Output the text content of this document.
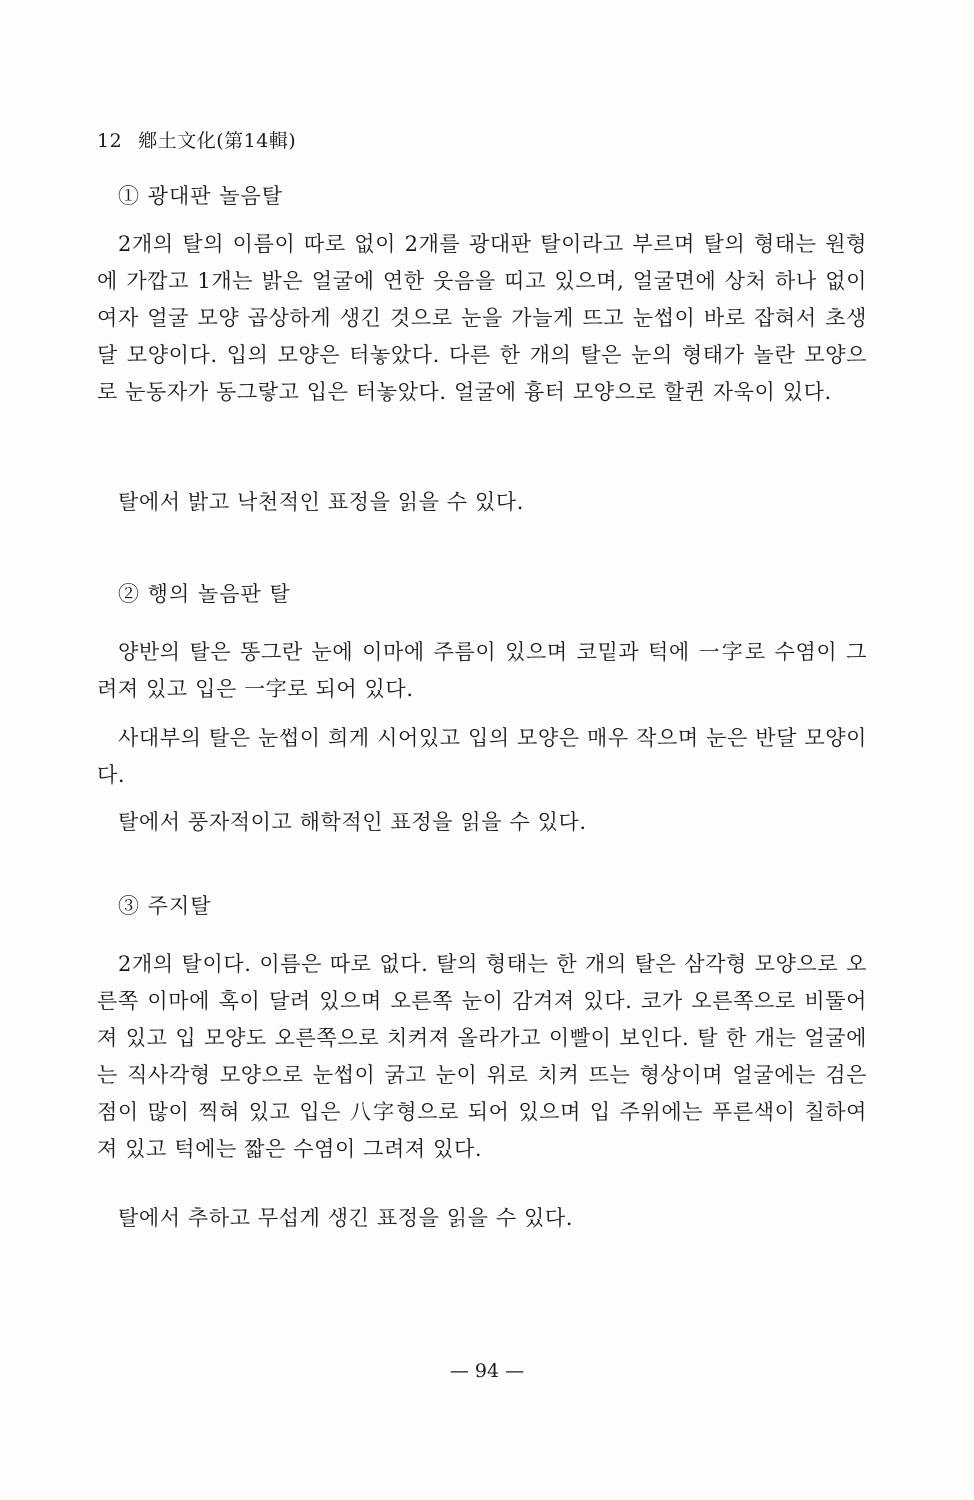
12 鄕土文化(第14輯)
① 광대판 놀음탈

2개의 탈의 이름이 따로 없이 2개를 광대판 탈이라고 부르며 탈의 형태는 원형에 가깝고 1개는 밝은 얼굴에 연한 웃음을 띠고 있으며, 얼굴면에 상처 하나 없이 여자 얼굴 모양 곱상하게 생긴 것으로 눈을 가늘게 뜨고 눈썹이 바로 잡혀서 초생달 모양이다. 입의 모양은 터놓았다. 다른 한 개의 탈은 눈의 형태가 놀란 모양으로 눈동자가 동그랗고 입은 터놓았다. 얼굴에 흉터 모양으로 할퀸 자욱이 있다.

탈에서 밝고 낙천적인 표정을 읽을 수 있다.

② 행의 놀음판 탈

양반의 탈은 똥그란 눈에 이마에 주름이 있으며 코밑과 턱에 一字로 수염이 그려져 있고 입은 一字로 되어 있다.

사대부의 탈은 눈썹이 희게 시어있고 입의 모양은 매우 작으며 눈은 반달 모양이다.

탈에서 풍자적이고 해학적인 표정을 읽을 수 있다.

③ 주지탈

2개의 탈이다. 이름은 따로 없다. 탈의 형태는 한 개의 탈은 삼각형 모양으로 오른쪽 이마에 혹이 달려 있으며 오른쪽 눈이 감겨져 있다. 코가 오른쪽으로 비뚤어져 있고 입 모양도 오른쪽으로 치켜져 올라가고 이빨이 보인다. 탈 한 개는 얼굴에는 직사각형 모양으로 눈썹이 굵고 눈이 위로 치켜 뜨는 형상이며 얼굴에는 검은 점이 많이 찍혀 있고 입은 八字형으로 되어 있으며 입 주위에는 푸른색이 칠하여져 있고 턱에는 짧은 수염이 그려져 있다.

탈에서 추하고 무섭게 생긴 표정을 읽을 수 있다.

— 94 —
